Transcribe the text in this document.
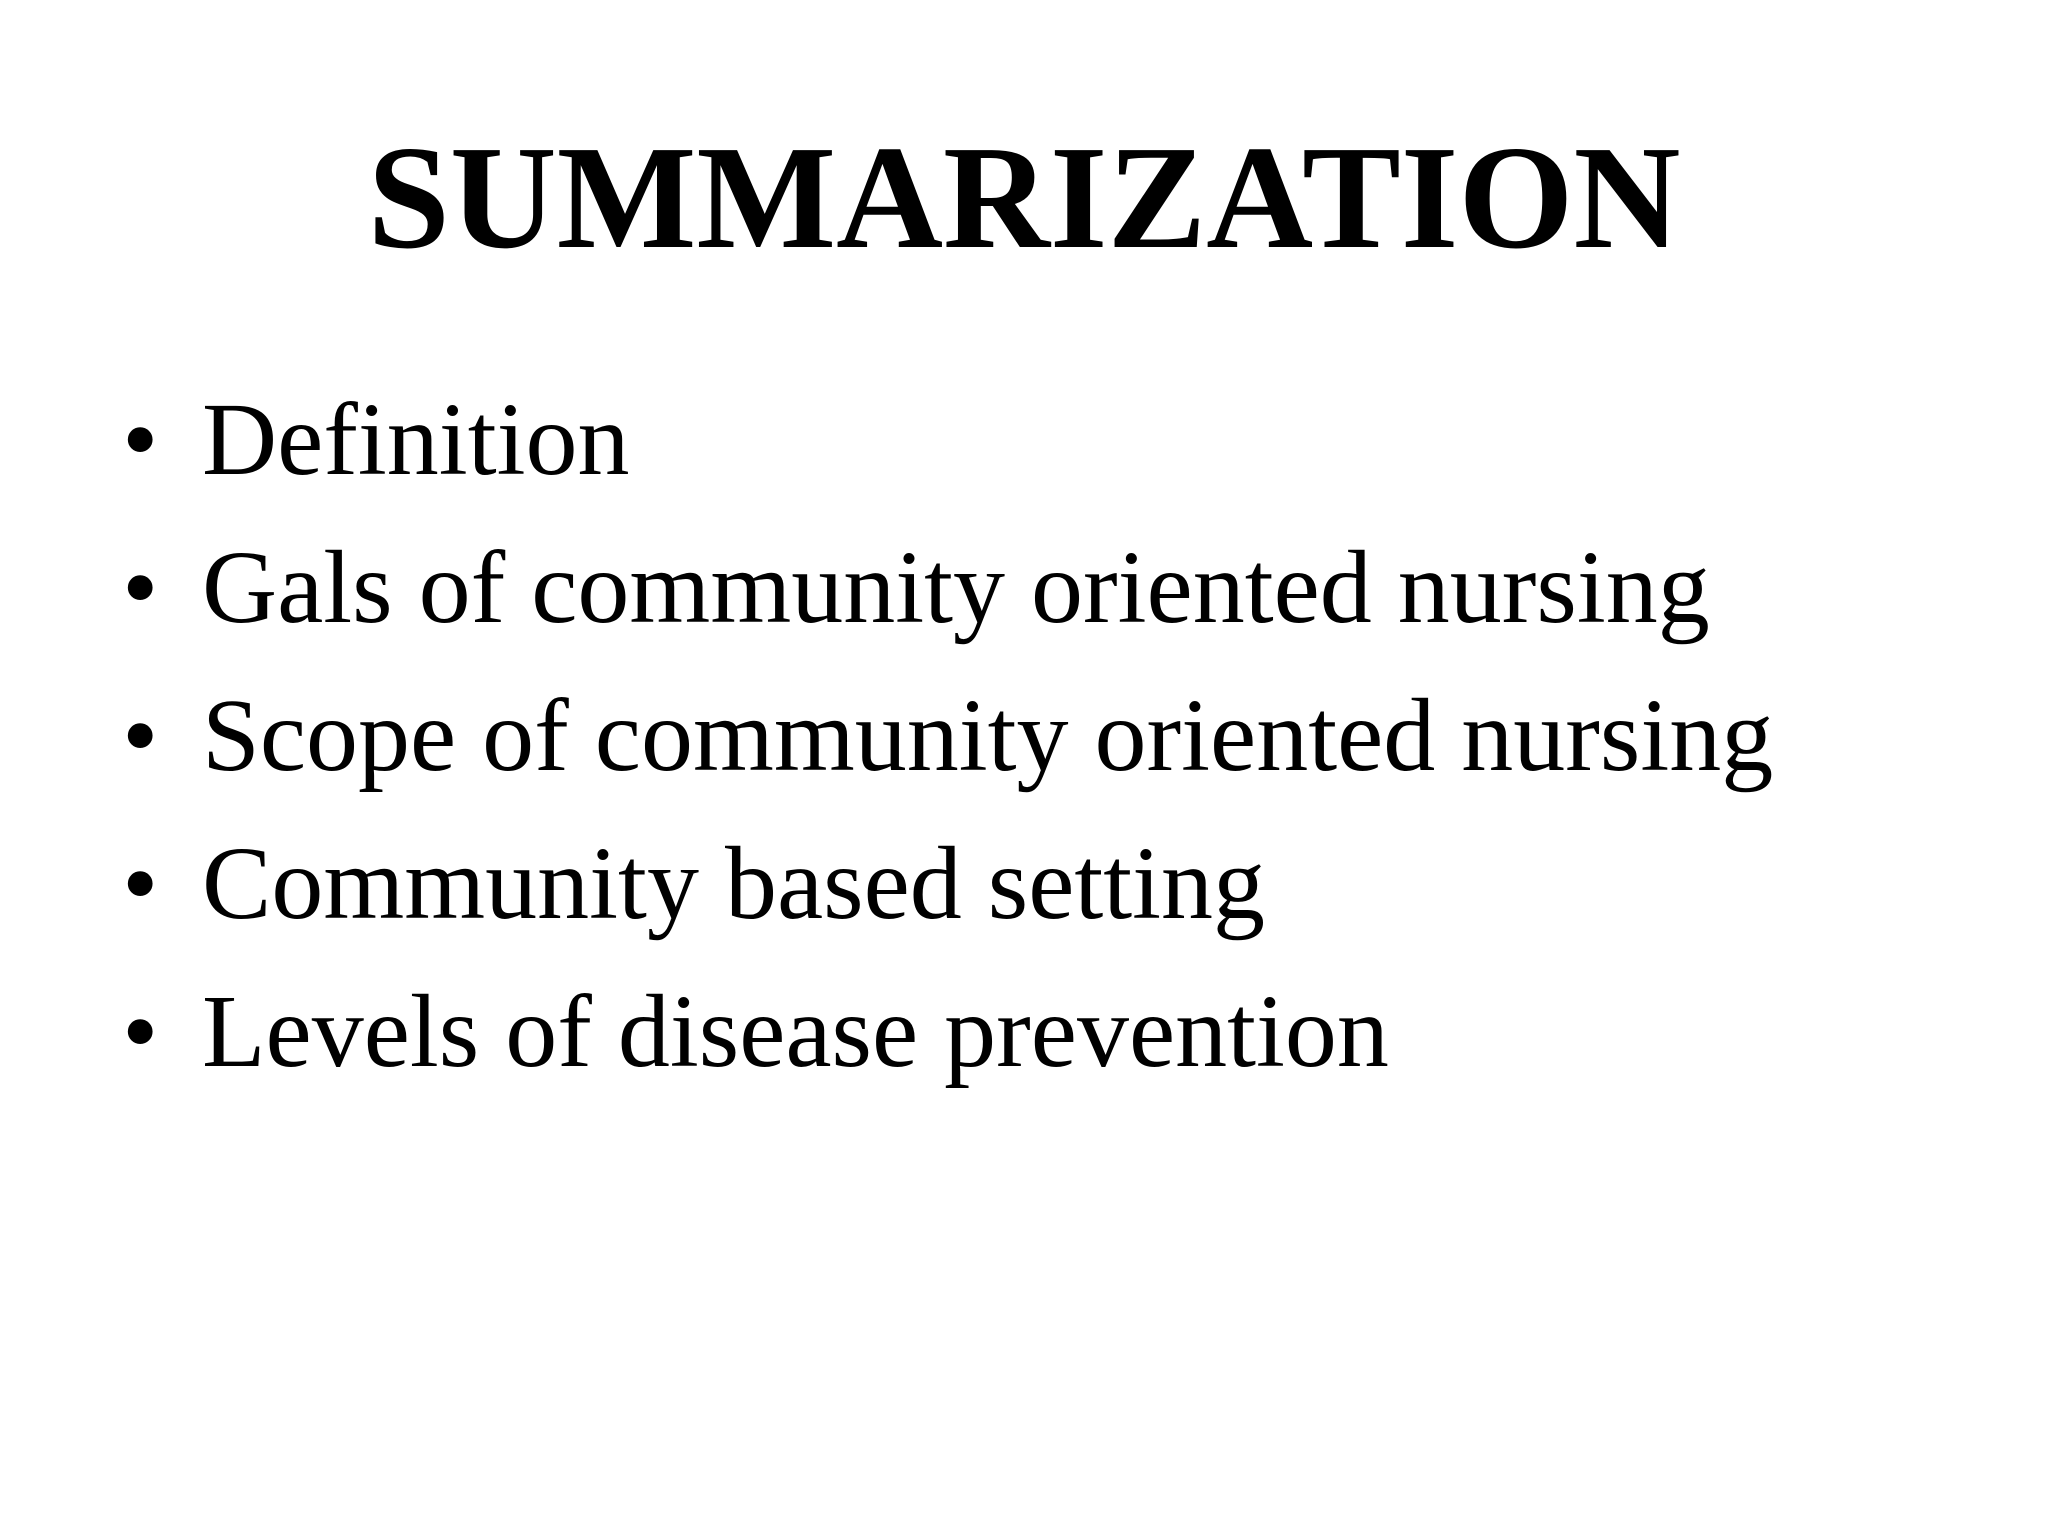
SUMMARIZATION
• Definition
• Gals of community oriented nursing
• Scope of community oriented nursing
• Community based setting
• Levels of disease prevention
